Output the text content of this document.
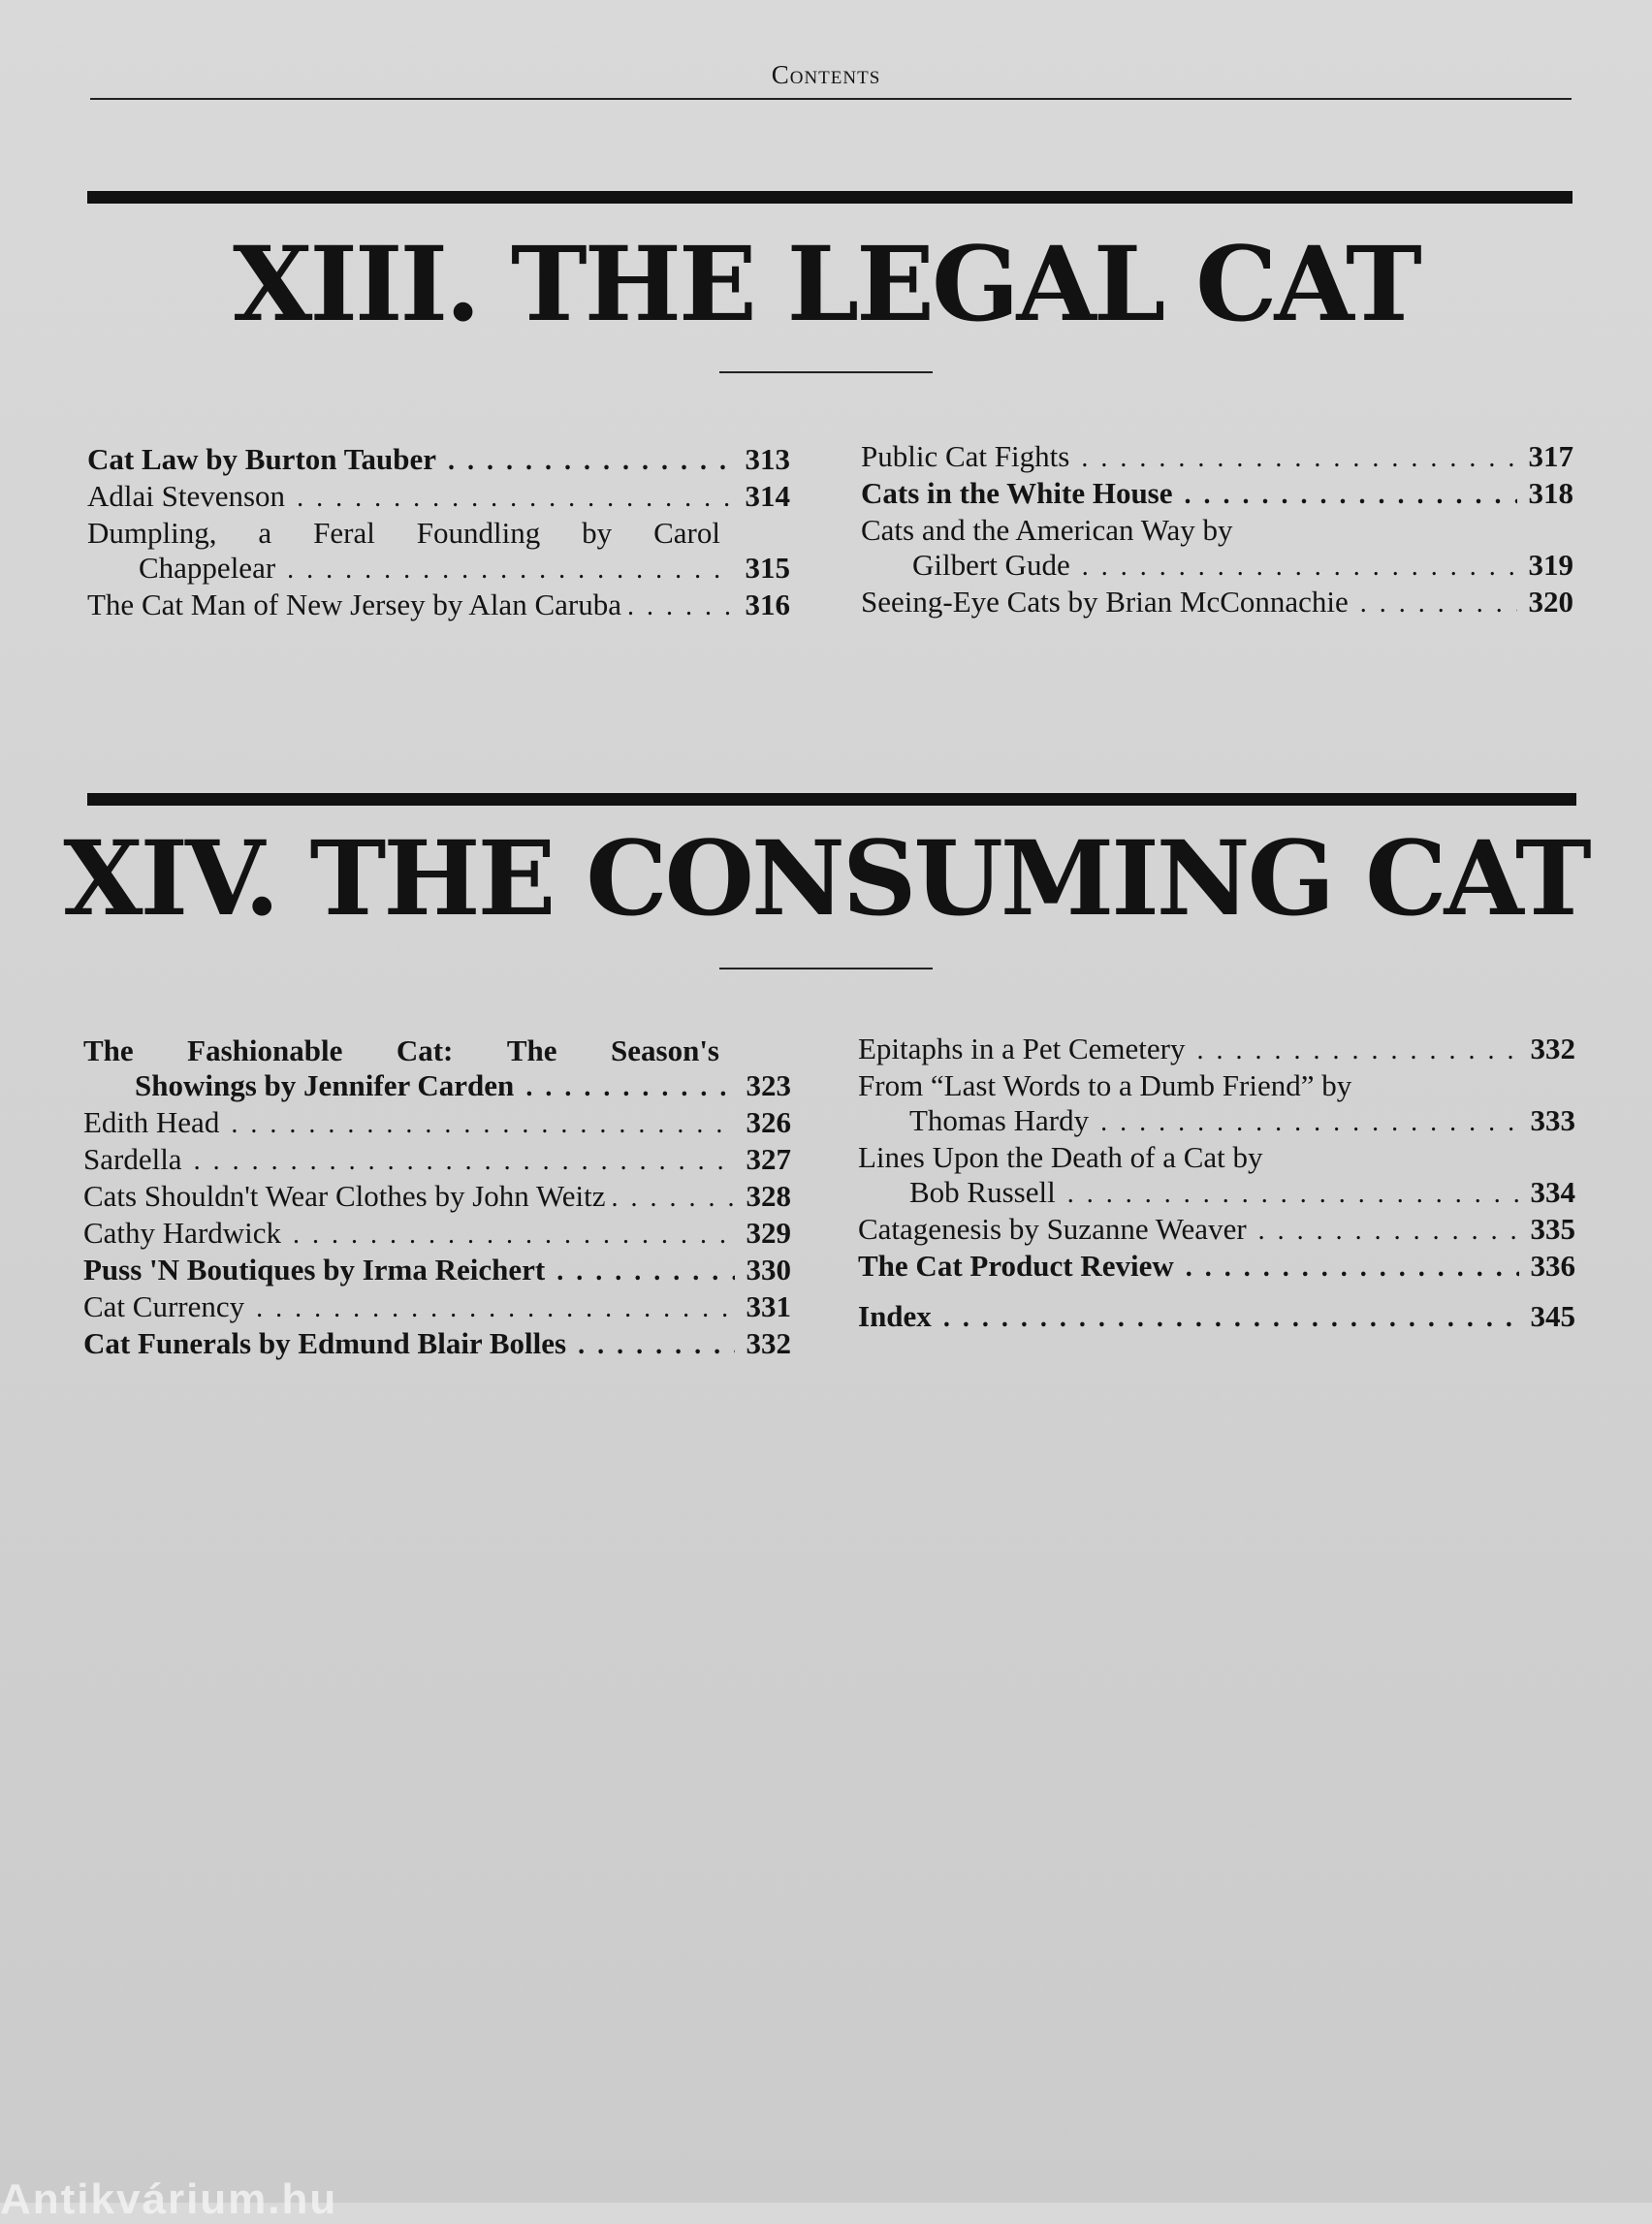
Contents
XIII. THE LEGAL CAT
Cat Law by Burton Tauber . . .	313
Adlai Stevenson . . .	314
Dumpling, a Feral Foundling by Carol
Chappelear . . .	315
The Cat Man of New Jersey by Alan Caruba . . .	316
Public Cat Fights . . .	317
Cats in the White House . . .	318
Cats and the American Way by
Gilbert Gude . . .	319
Seeing-Eye Cats by Brian McConnachie . . .	320
XIV. THE CONSUMING CAT
The Fashionable Cat: The Season's
Showings by Jennifer Carden . . .	323
Edith Head . . .	326
Sardella . . .	327
Cats Shouldn't Wear Clothes by John Weitz . . .	328
Cathy Hardwick . . .	329
Puss 'N Boutiques by Irma Reichert . . .	330
Cat Currency . . .	331
Cat Funerals by Edmund Blair Bolles . . .	332
Epitaphs in a Pet Cemetery . . .	332
From “Last Words to a Dumb Friend” by
Thomas Hardy . . .	333
Lines Upon the Death of a Cat by
Bob Russell . . .	334
Catagenesis by Suzanne Weaver . . .	335
The Cat Product Review . . .	336
Index . . .	345
Antikvárium.hu
